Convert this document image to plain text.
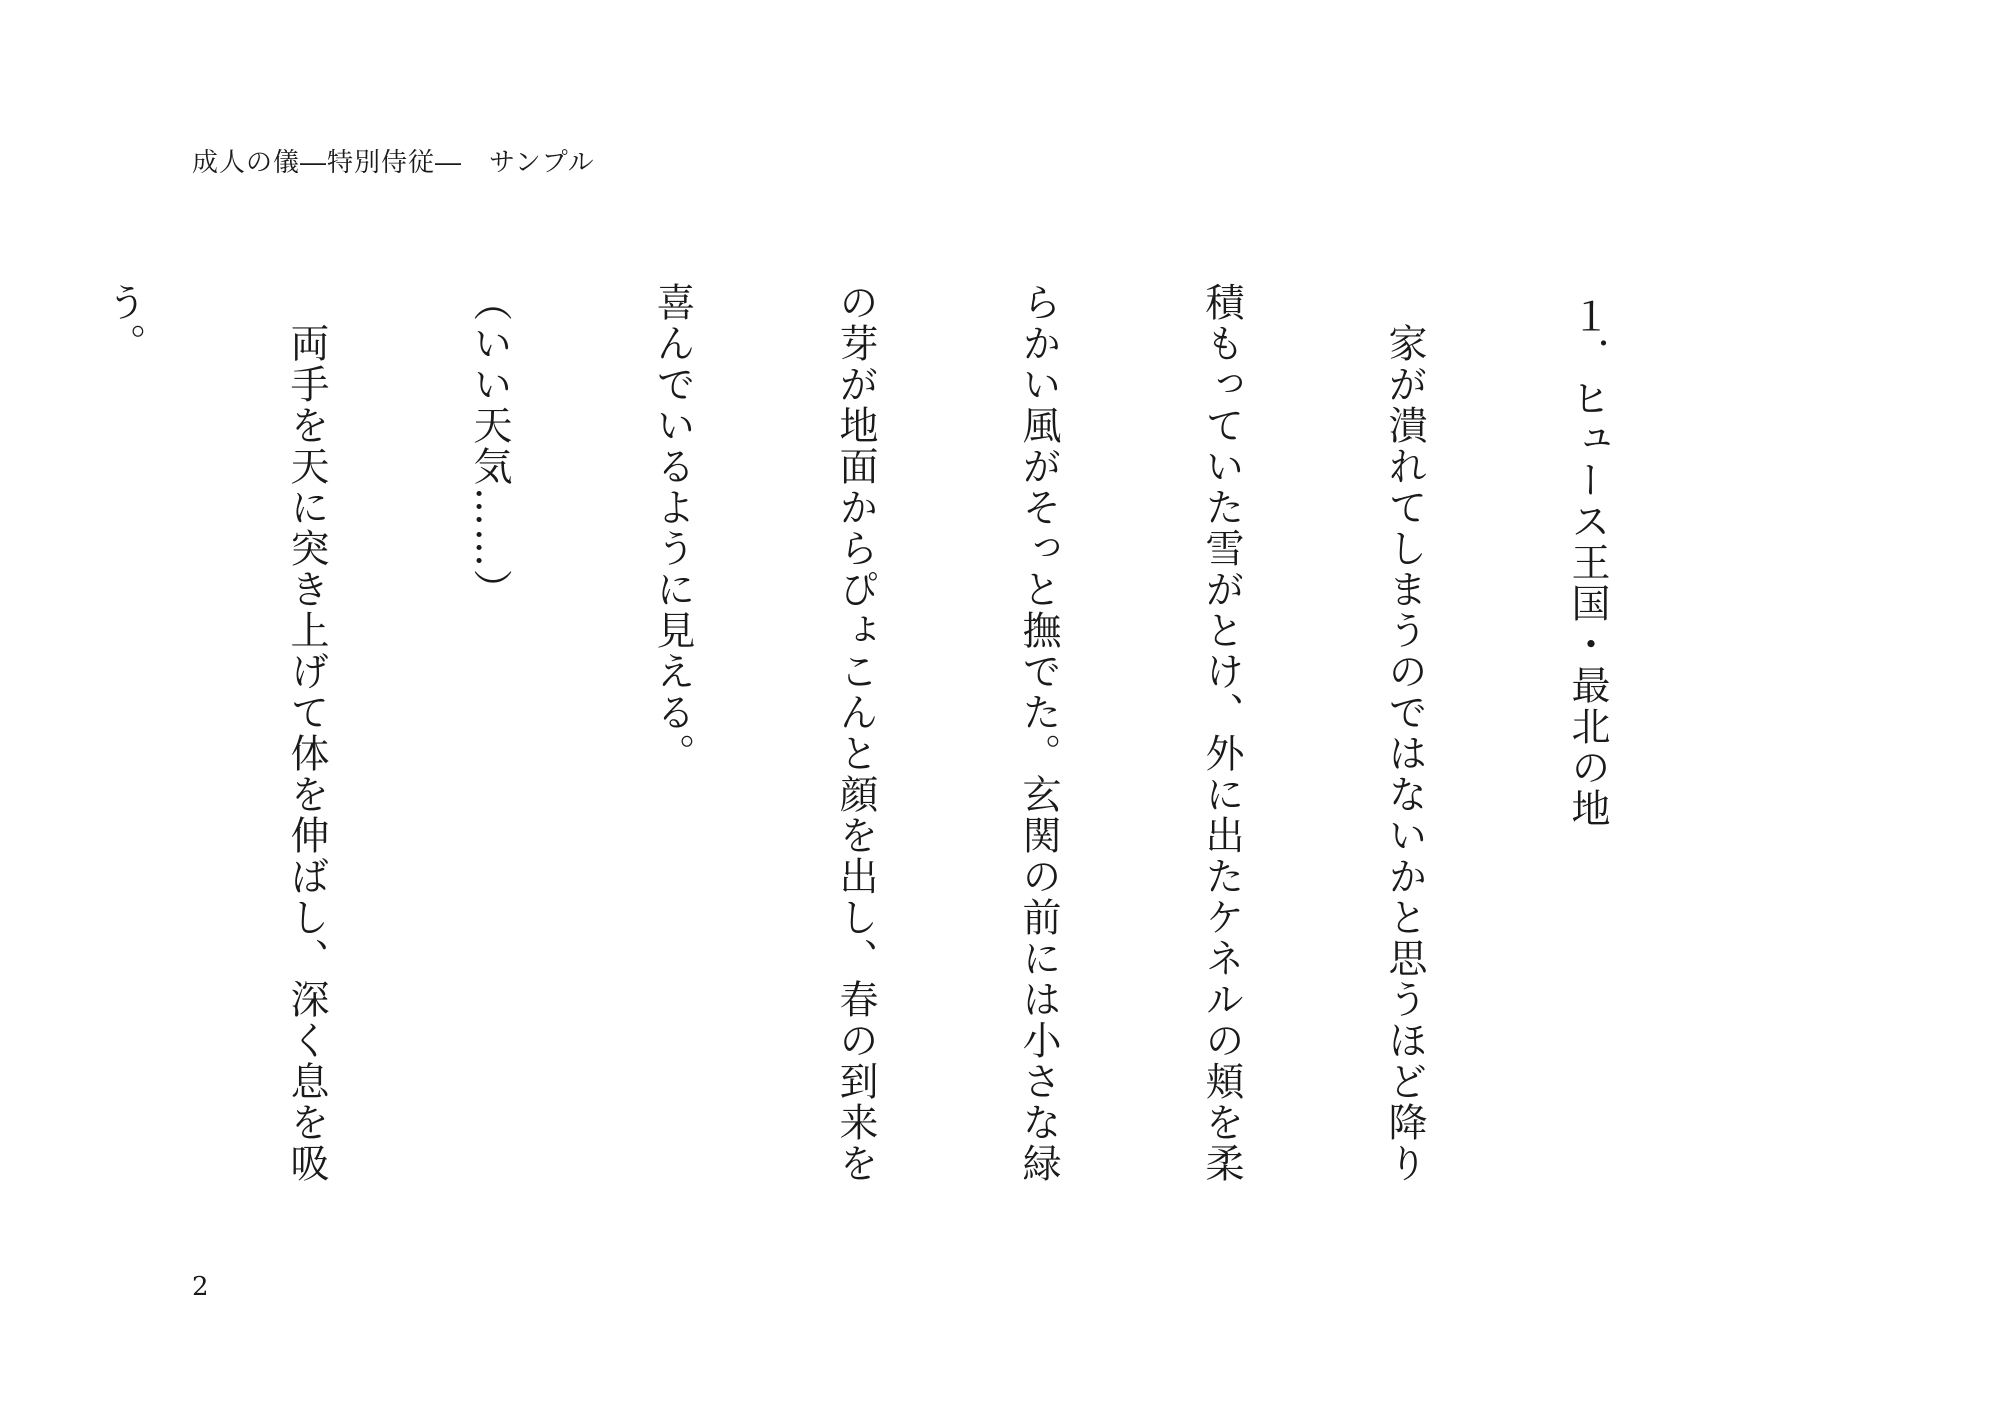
成人の儀―特別侍従―　サンプル

１．ヒュース王国・最北の地

　家が潰れてしまうのではないかと思うほど降り

積もっていた雪がとけ、外に出たケネルの頬を柔

らかい風がそっと撫でた。玄関の前には小さな緑

の芽が地面からぴょこんと顔を出し、春の到来を

喜んでいるように見える。

（いい天気……）

　両手を天に突き上げて体を伸ばし、深く息を吸

う。

2
